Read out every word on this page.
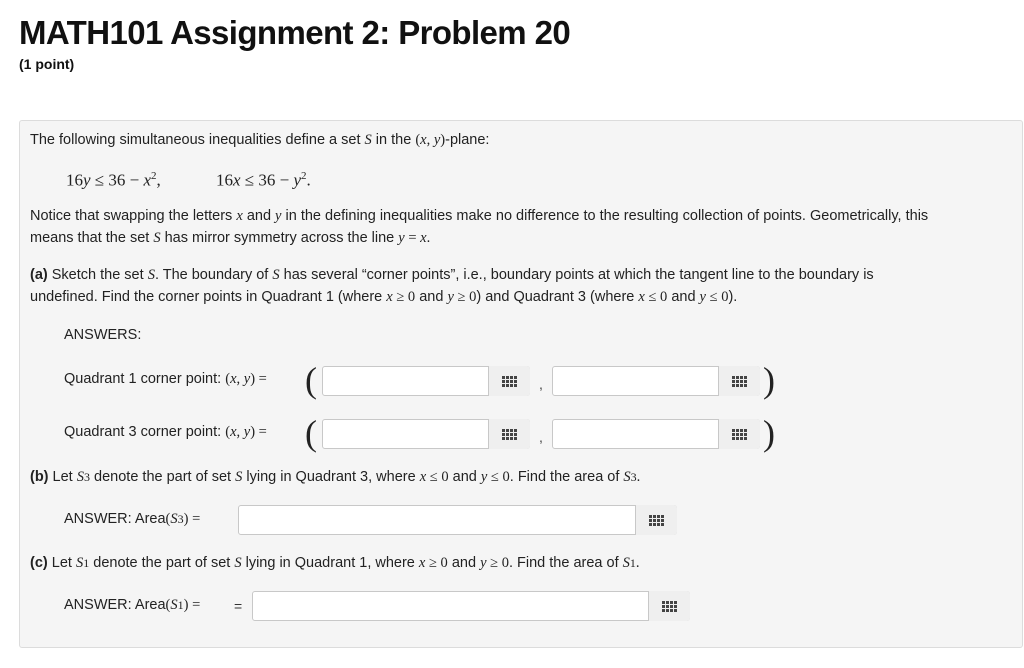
MATH101 Assignment 2: Problem 20
(1 point)
The following simultaneous inequalities define a set S in the (x, y)-plane:
$16y \le 36 - x^2$,	$16x \le 36 - y^2$.
Notice that swapping the letters x and y in the defining inequalities make no difference to the resulting collection of points. Geometrically, this
means that the set S has mirror symmetry across the line y = x.
(a) Sketch the set S. The boundary of S has several “corner points”, i.e., boundary points at which the tangent line to the boundary is
undefined. Find the corner points in Quadrant 1 (where x ≥ 0 and y ≥ 0) and Quadrant 3 (where x ≤ 0 and y ≤ 0).
ANSWERS:
Quadrant 1 corner point: (x, y) = (	,	)
Quadrant 3 corner point: (x, y) = (	,	)
(b) Let S3 denote the part of set S lying in Quadrant 3, where x ≤ 0 and y ≤ 0. Find the area of S3.
ANSWER: Area(S3) =
(c) Let S1 denote the part of set S lying in Quadrant 1, where x ≥ 0 and y ≥ 0. Find the area of S1.
ANSWER: Area(S1) = =
